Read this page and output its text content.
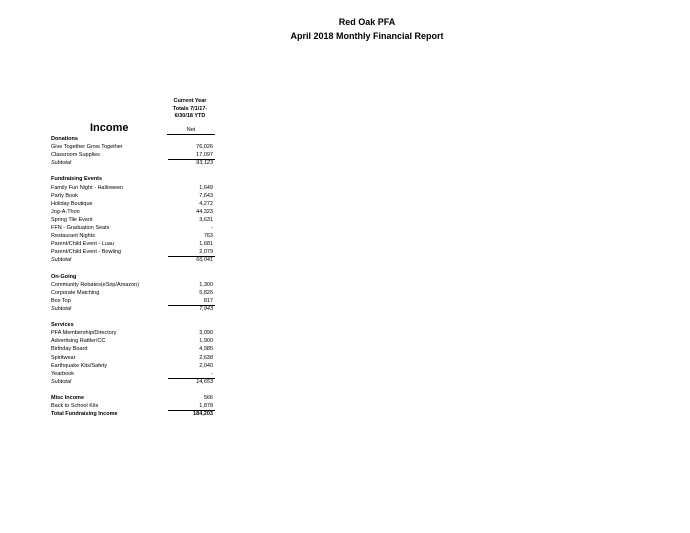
Red Oak PFA
April 2018 Monthly Financial Report
Current Year
Totals 7/1/17-
6/30/18 YTD
Income	Net
Donations
Give Together Grow Together	76,026
Classroom Supplies	17,097
Subtotal	93,123
Fundraising Events
Family Fun Night - Halloween	1,649
Party Book	7,643
Holiday Boutique	4,272
Jog-A-Thon	44,323
Spring Tile Event	3,631
FFN - Graduation Seats	-
Restaurant Nights	763
Parent/Child Event - Luau	1,681
Parent/Child Event - Bowling	2,079
Subtotal	66,041
On-Going
Community Rebates(eSrip/Amazon)	1,300
Corporate Matching	5,826
Box Top	817
Subtotal	7,943
Services
PFA Membership/Directory	3,090
Advertising Rattler/CC	1,900
Birthday Board	4,985
Spiritwear	2,638
Earthquake Kits/Safety	2,040
Yearbook	-
Subtotal	14,653
Misc Income	566
Back to School Kits	1,878
Total Fundraising Income	184,203
